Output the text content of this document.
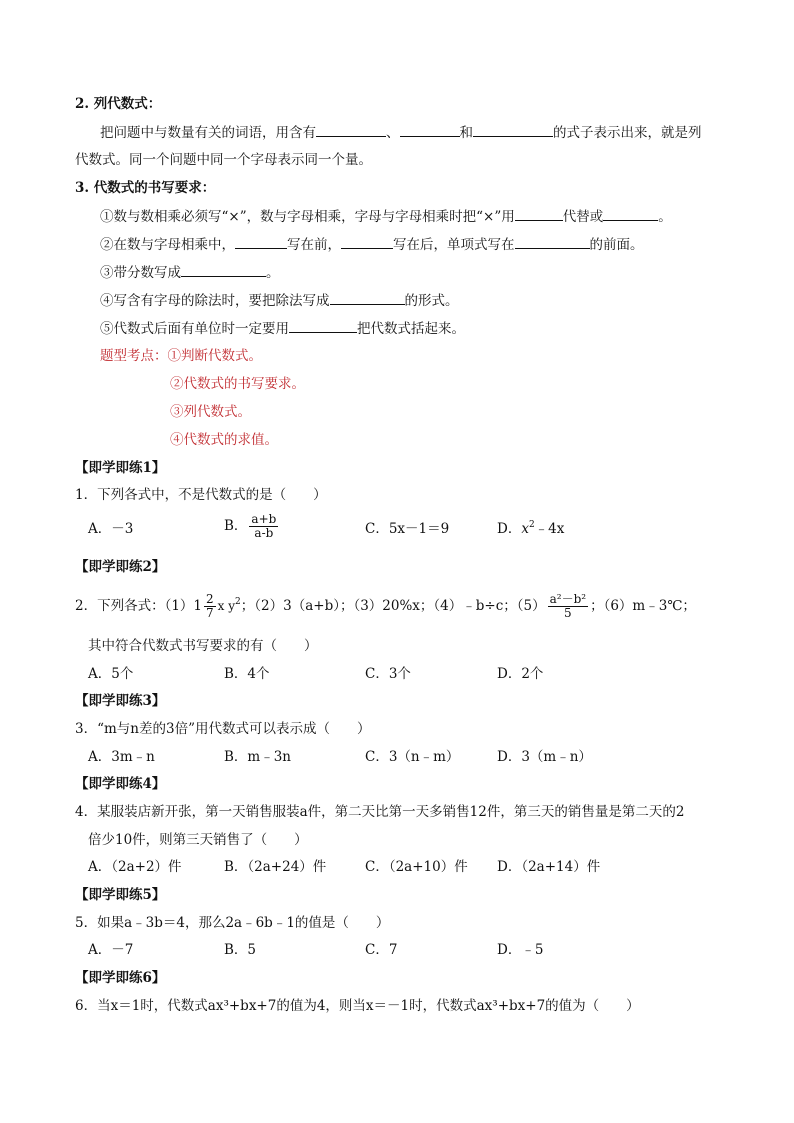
2. 列代数式：
把问题中与数量有关的词语，用含有	、	和	的式子表示出来，就是列
代数式。同一个问题中同一个字母表示同一个量。
3. 代数式的书写要求：
①数与数相乘必须写“×”，数与字母相乘，字母与字母相乘时把“×”用	代替或	。
②在数与字母相乘中，	写在前，	写在后，单项式写在	的前面。
③带分数写成	。
④写含有字母的除法时，要把除法写成	的形式。
⑤代数式后面有单位时一定要用	把代数式括起来。
题型考点：①判断代数式。
②代数式的书写要求。
③列代数式。
④代数式的求值。
【即学即练1】
1．下列各式中，不是代数式的是（　　）
A．－3	B． $\frac{a+b}{a-b}$	C．5x－1＝9	D．$x^2﹣4x$
【即学即练2】
2．下列各式：$(1)1 \frac{2}{7}$ x $y^2$；（2）3（a+b）；（3）20%x；（4）﹣b÷c；$(5) \frac{\text{a²－b²}}{5}$ ；（6）m﹣3℃；
其中符合代数式书写要求的有（　　）
A．5个	B．4个	C．3个	D．2个
【即学即练3】
3．“m与n差的3倍”用代数式可以表示成（　　）
A．3m﹣n	B．m﹣3n	C．3（n﹣m）	D．3（m﹣n）
【即学即练4】
4．某服装店新开张，第一天销售服装a件，第二天比第一天多销售12件，第三天的销售量是第二天的2
倍少10件，则第三天销售了（　　）
A．（2a+2）件	B．（2a+24）件	C．（2a+10）件 D．（2a+14）件
【即学即练5】
5．如果a﹣3b＝4，那么2a﹣6b﹣1的值是（　　）
A．－7	B．5	C．7	D．﹣5
【即学即练6】
6．当x＝1时，代数式ax³+bx+7的值为4，则当x＝－1时，代数式ax³+bx+7的值为（　　）
